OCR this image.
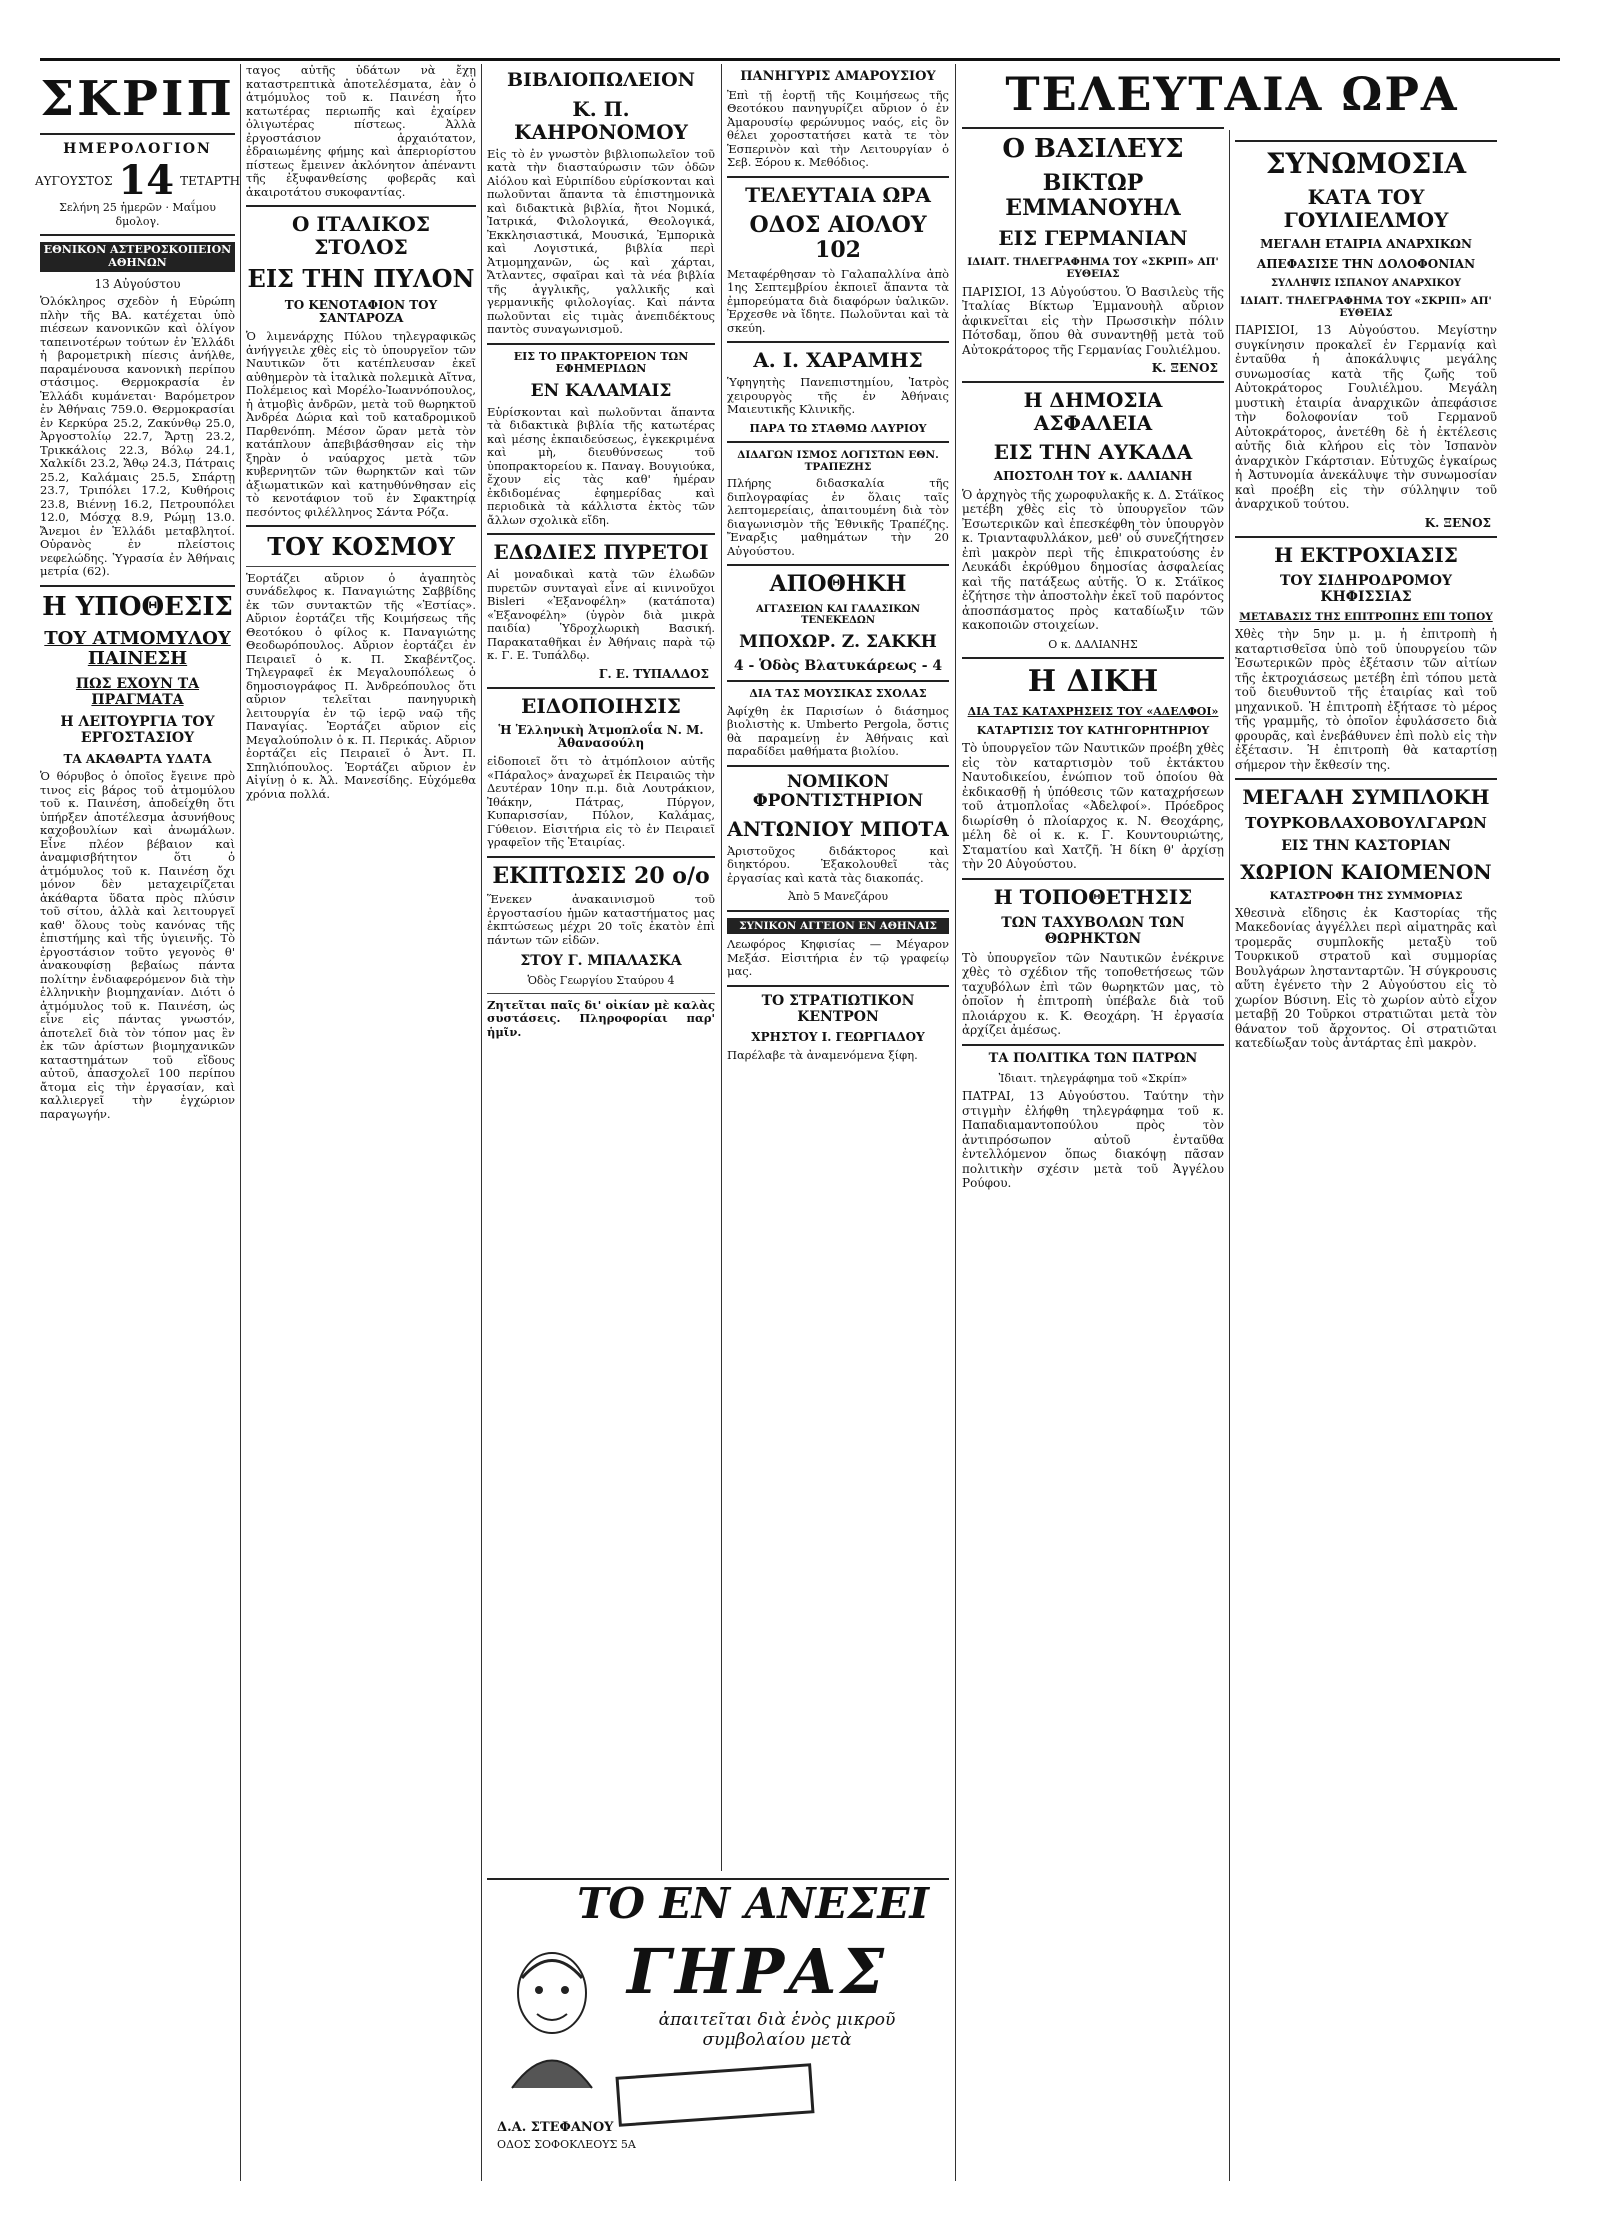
ΣΚΡΙΠ
ΗΜΕΡΟΛΟΓΙΟΝ
ΑΥΓΟΥΣΤΟΣ 14 ΤΕΤΑΡΤΗ
Σελήνη 25 ἡμερῶν · Μαΐμου δμολογ.
ΕΘΝΙΚΟΝ ΑΣΤΕΡΟΣΚΟΠΕΙΟΝ ΑΘΗΝΩΝ
13 Αὐγούστου

Ὁλόκληρος σχεδὸν ἡ Εὐρώπη πλὴν τῆς ΒΑ. κατέχεται ὑπὸ πιέσεων κανονικῶν καὶ ὀλίγον ταπεινοτέρων τούτων ἐν Ἑλλάδι ἡ βαρομετρικὴ πίεσις ἀνήλθε, παραμένουσα κανονικὴ περίπου στάσιμος. Θερμοκρασία ἐν Ἑλλάδι κυμάνεται· Βαρόμετρον ἐν Ἀθήναις 759.0. Θερμοκρασίαι ἐν Κερκύρα 25.2, Ζακύνθῳ 25.0, Ἀργοστολίῳ 22.7, Ἄρτῃ 23.2, Τρικκάλοις 22.3, Βόλῳ 24.1, Χαλκίδι 23.2, Ἄθῳ 24.3, Πάτραις 25.2, Καλάμαις 25.5, Σπάρτῃ 23.7, Τριπόλει 17.2, Κυθήροις 23.8, Βιέννῃ 16.2, Πετρουπόλει 12.0, Μόσχᾳ 8.9, Ρώμῃ 13.0. Ἄνεμοι ἐν Ἑλλάδι μεταβλητοί. Οὐρανὸς ἐν πλείστοις νεφελώδης. Ὑγρασία ἐν Ἀθήναις μετρία (62).

Η ΥΠΟΘΕΣΙΣ
ΤΟΥ ΑΤΜΟΜΥΛΟΥ ΠΑΙΝΕΣΗ
ΠΩΣ ΕΧΟΥΝ ΤΑ ΠΡΑΓΜΑΤΑ
Η ΛΕΙΤΟΥΡΓΙΑ ΤΟΥ ΕΡΓΟΣΤΑΣΙΟΥ
ΤΑ ΑΚΑΘΑΡΤΑ ΥΔΑΤΑ

Ὁ θόρυβος ὁ ὁποῖος ἔγεινε πρὸ τινος εἰς βάρος τοῦ ἀτμομύλου τοῦ κ. Παινέση, ἀποδείχθη ὅτι ὑπήρξεν ἀποτέλεσμα ἀσυνήθους καχοβουλίων καὶ ἀνωμάλων. Εἶνε πλέον βέβαιον καὶ ἀναμφισβήτητον ὅτι ὁ ἀτμόμυλος τοῦ κ. Παινέση ὄχι μόνον δὲν μεταχειρίζεται ἀκάθαρτα ὕδατα πρὸς πλύσιν τοῦ σίτου, ἀλλὰ καὶ λειτουργεῖ καθ' ὅλους τοὺς κανόνας τῆς ἐπιστήμης καὶ τῆς ὑγιεινῆς. Τὸ ἐργοστάσιον τοῦτο γεγονὸς θ' ἀνακουφίσῃ βεβαίως πάντα πολίτην ἐνδιαφερόμενον διὰ τὴν ἑλληνικὴν βιομηχανίαν. Διότι ὁ ἀτμόμυλος τοῦ κ. Παινέση, ὡς εἶνε εἰς πάντας γνωστόν, ἀποτελεῖ διὰ τὸν τόπον μας ἓν ἐκ τῶν ἀρίστων βιομηχανικῶν καταστημάτων τοῦ εἴδους αὐτοῦ, ἀπασχολεῖ 100 περίπου ἄτομα εἰς τὴν ἐργασίαν, καὶ καλλιεργεῖ τὴν ἐγχώριον παραγωγήν.

ταγος αὐτῆς ὑδάτων νὰ ἔχῃ καταστρεπτικὰ ἀποτελέσματα, ἐὰν ὁ ἀτμόμυλος τοῦ κ. Παινέση ἦτο κατωτέρας περιωπῆς καὶ ἐχαίρεν ὀλιγωτέρας πίστεως. Ἀλλὰ ἐργοστάσιον ἀρχαιότατον, ἐδραιωμένης φήμης καὶ ἀπεριορίστου πίστεως ἔμεινεν ἀκλόνητον ἀπέναντι τῆς ἐξυφανθείσης φοβερᾶς καὶ ἀκαιροτάτου συκοφαντίας.

Ο ΙΤΑΛΙΚΟΣ ΣΤΟΛΟΣ
ΕΙΣ ΤΗΝ ΠΥΛΟΝ
ΤΟ ΚΕΝΟΤΑΦΙΟΝ ΤΟΥ ΣΑΝΤΑΡΟΖΑ

Ὁ λιμενάρχης Πύλου τηλεγραφικῶς ἀνήγγειλε χθὲς εἰς τὸ ὑπουργεῖον τῶν Ναυτικῶν ὅτι κατέπλευσαν ἐκεῖ αὐθημερὸν τὰ ἰταλικὰ πολεμικὰ Αἴτνα, Πολέμειος καὶ Μορέλο-Ἰωαννόπουλος, ἡ ἀτμοβὶς ἀνδρῶν, μετὰ τοῦ θωρηκτοῦ Ἀνδρέα Δώρια καὶ τοῦ καταδρομικοῦ Παρθενόπη. Μέσον ὥραν μετὰ τὸν κατάπλουν ἀπεβιβάσθησαν εἰς τὴν ξηρὰν ὁ ναύαρχος μετὰ τῶν κυβερνητῶν τῶν θωρηκτῶν καὶ τῶν ἀξιωματικῶν καὶ κατηυθύνθησαν εἰς τὸ κενοτάφιον τοῦ ἐν Σφακτηρίᾳ πεσόντος φιλέλληνος Σάντα Ρόζα.

ΤΟΥ ΚΟΣΜΟΥ

Ἑορτάζει αὔριον ὁ ἀγαπητὸς συνάδελφος κ. Παναγιώτης Σαββίδης ἐκ τῶν συντακτῶν τῆς «Ἑστίας». Αὔριον ἑορτάζει τῆς Κοιμήσεως τῆς Θεοτόκου ὁ φίλος κ. Παναγιώτης Θεοδωρόπουλος. Αὔριον ἑορτάζει ἐν Πειραιεῖ ὁ κ. Π. Σκαβέντζος. Τηλεγραφεῖ ἐκ Μεγαλουπόλεως ὁ δημοσιογράφος Π. Ἀνδρεόπουλος ὅτι αὔριον τελεῖται πανηγυρικὴ λειτουργία ἐν τῷ ἱερῷ ναῷ τῆς Παναγίας. Ἑορτάζει αὔριον εἰς Μεγαλούπολιν ὁ κ. Π. Περικάς. Αὔριον ἑορτάζει εἰς Πειραιεῖ ὁ Ἀντ. Π. Σπηλιόπουλος. Ἑορτάζει αὔριον ἐν Αἰγίνῃ ὁ κ. Ἀλ. Μανεσίδης. Εὐχόμεθα χρόνια πολλά.

ΒΙΒΛΙΟΠΩΛΕΙΟΝ
Κ. Π. ΚΑΗΡΟΝΟΜΟΥ

Εἰς τὸ ἐν γνωστὸν βιβλιοπωλεῖον τοῦ κατὰ τὴν διασταύρωσιν τῶν ὁδῶν Αἰόλου καὶ Εὐριπίδου εὑρίσκονται καὶ πωλοῦνται ἅπαντα τὰ ἐπιστημονικὰ καὶ διδακτικὰ βιβλία, ἤτοι Νομικά, Ἰατρικά, Φιλολογικά, Θεολογικά, Ἐκκλησιαστικά, Μουσικά, Ἐμπορικὰ καὶ Λογιστικά, βιβλία περὶ Ἀτμομηχανῶν, ὡς καὶ χάρται, Ἄτλαντες, σφαῖραι καὶ τὰ νέα βιβλία τῆς ἀγγλικῆς, γαλλικῆς καὶ γερμανικῆς φιλολογίας. Καὶ πάντα πωλοῦνται εἰς τιμὰς ἀνεπιδέκτους παντὸς συναγωνισμοῦ.

ΕΙΣ ΤΟ ΠΡΑΚΤΟΡΕΙΟΝ ΤΩΝ ΕΦΗΜΕΡΙΔΩΝ
ΕΝ ΚΑΛΑΜΑΙΣ

Εὑρίσκονται καὶ πωλοῦνται ἅπαντα τὰ διδακτικὰ βιβλία τῆς κατωτέρας καὶ μέσης ἐκπαιδεύσεως, ἐγκεκριμένα καὶ μὴ, διευθύνσεως τοῦ ὑποπρακτορείου κ. Παναγ. Βουγιούκα, ἔχουν εἰς τὰς καθ' ἡμέραν ἐκδιδομένας ἐφημερίδας καὶ περιοδικὰ τὰ κάλλιστα ἐκτὸς τῶν ἄλλων σχολικὰ εἴδη.

ΕΔΩΔΙΕΣ ΠΥΡΕΤΟΙ

Αἱ μοναδικαὶ κατὰ τῶν ἑλωδῶν πυρετῶν συνταγαὶ εἶνε αἱ κινινοῦχοι Bisleri «Ἐξανοφέλη» (κατάποτα) «Ἐξανοφέλη» (ὑγρὸν διὰ μικρὰ παιδία) Ὑδροχλωρικὴ Βασική. Παρακαταθῆκαι ἐν Ἀθήναις παρὰ τῷ κ. Γ. Ε. Τυπάλδῳ.

Γ. Ε. ΤΥΠΑΛΔΟΣ
ΕΙΔΟΠΟΙΗΣΙΣ
Ἡ Ἑλληνικὴ Ἀτμοπλοΐα Ν. Μ. Ἀθανασούλη

εἰδοποιεῖ ὅτι τὸ ἀτμόπλοιον αὐτῆς «Πάραλος» ἀναχωρεῖ ἐκ Πειραιῶς τὴν Δευτέραν 10ην π.μ. διὰ Λουτράκιον, Ἰθάκην, Πάτρας, Πύργον, Κυπαρισσίαν, Πύλον, Καλάμας, Γύθειον. Εἰσιτήρια εἰς τὸ ἐν Πειραιεῖ γραφεῖον τῆς Ἑταιρίας.

ΕΚΠΤΩΣΙΣ 20 ο/ο

Ἕνεκεν ἀνακαινισμοῦ τοῦ ἐργοστασίου ἡμῶν καταστήματος μας ἐκπτώσεως μέχρι 20 τοῖς ἑκατὸν ἐπὶ πάντων τῶν εἰδῶν.

ΣΤΟΥ Γ. ΜΠΑΛΑΣΚΑ
Ὁδὸς Γεωργίου Σταύρου 4

Ζητεῖται παῖς δι' οἰκίαν μὲ καλὰς συστάσεις. Πληροφορίαι παρ' ἡμῖν.

ΠΑΝΗΓΥΡΙΣ ΑΜΑΡΟΥΣΙΟΥ

Ἐπὶ τῇ ἑορτῇ τῆς Κοιμήσεως τῆς Θεοτόκου πανηγυρίζει αὔριον ὁ ἐν Ἀμαρουσίῳ φερώνυμος ναός, εἰς ὃν θέλει χοροστατήσει κατὰ τε τὸν Ἑσπερινὸν καὶ τὴν Λειτουργίαν ὁ Σεβ. Ξόρου κ. Μεθόδιος.

ΤΕΛΕΥΤΑΙΑ ΩΡΑ
ΟΔΟΣ ΑΙΟΛΟΥ 102

Μεταφέρθησαν τὸ Γαλαπαλλίνα ἀπὸ 1ης Σεπτεμβρίου ἐκποιεῖ ἅπαντα τὰ ἐμπορεύματα διὰ διαφόρων ὑαλικῶν. Ἐρχεσθε νὰ ἴδητε. Πωλοῦνται καὶ τὰ σκεύη.

Α. Ι. ΧΑΡΑΜΗΣ

Ὑφηγητὴς Πανεπιστημίου, Ἰατρὸς χειρουργὸς τῆς ἐν Ἀθήναις Μαιευτικῆς Κλινικῆς.

ΠΑΡΑ ΤΩ ΣΤΑΘΜΩ ΛΑΥΡΙΟΥ
ΔΙΔΑΓΩΝ ΙΣΜΟΣ ΛΟΓΙΣΤΩΝ ΕΘΝ. ΤΡΑΠΕΖΗΣ

Πλήρης διδασκαλία τῆς διπλογραφίας ἐν ὅλαις ταῖς λεπτομερείαις, ἀπαιτουμένη διὰ τὸν διαγωνισμὸν τῆς Ἐθνικῆς Τραπέζης. Ἔναρξις μαθημάτων τὴν 20 Αὐγούστου.

ΑΠΟΘΗΚΗ
ΑΓΓΑΣΕΙΩΝ ΚΑΙ ΓΑΛΑΣΙΚΩΝ ΤΕΝΕΚΕΔΩΝ
ΜΠΟΧΩΡ. Ζ. ΣΑΚΚΗ
4 - Ὁδὸς Βλατυκάρεως - 4
ΔΙΑ ΤΑΣ ΜΟΥΣΙΚΑΣ ΣΧΟΛΑΣ

Ἀφίχθη ἐκ Παρισίων ὁ διάσημος βιολιστὴς κ. Umberto Pergola, ὅστις θὰ παραμείνῃ ἐν Ἀθήναις καὶ παραδίδει μαθήματα βιολίου.

ΝΟΜΙΚΟΝ ΦΡΟΝΤΙΣΤΗΡΙΟΝ
ΑΝΤΩΝΙΟΥ ΜΠΟΤΑ

Ἀριστοῦχος διδάκτορος καὶ διηκτόρου. Ἐξακολουθεῖ τὰς ἐργασίας καὶ κατὰ τὰς διακοπάς.

Ἀπὸ 5 Μανεζάρου
ΣΥΝΙΚΟΝ ΑΓΓΕΙΟΝ ΕΝ ΑΘΗΝΑΙΣ

Λεωφόρος Κηφισίας — Μέγαρον Μεξάσ. Εἰσιτήρια ἐν τῷ γραφείῳ μας.

ΤΟ ΣΤΡΑΤΙΩΤΙΚΟΝ ΚΕΝΤΡΟΝ
ΧΡΗΣΤΟΥ Ι. ΓΕΩΡΓΙΑΔΟΥ

Παρέλαβε τὰ ἀναμενόμενα ξίφη.

ΤΟ ΕΝ ΑΝΕΣΕΙ
ΓΗΡΑΣ
ἀπαιτεῖται διὰ ἑνὸς μικροῦ συμβολαίου μετὰ
Δ.Α. ΣΤΕΦΑΝΟΥ
ΟΔΟΣ ΣΟΦΟΚΛΕΟΥΣ 5Α
ΤΕΛΕΥΤΑΙΑ ΩΡΑ
Ο ΒΑΣΙΛΕΥΣ
ΒΙΚΤΩΡ ΕΜΜΑΝΟΥΗΛ
ΕΙΣ ΓΕΡΜΑΝΙΑΝ
ΙΔΙΑΙΤ. ΤΗΛΕΓΡΑΦΗΜΑ ΤΟΥ «ΣΚΡΙΠ» ΑΠ' ΕΥΘΕΙΑΣ

ΠΑΡΙΣΙΟΙ, 13 Αὐγούστου. Ὁ Βασιλεὺς τῆς Ἰταλίας Βίκτωρ Ἐμμανουὴλ αὔριον ἀφικνεῖται εἰς τὴν Πρωσσικὴν πόλιν Πότσδαμ, ὅπου θὰ συναντηθῇ μετὰ τοῦ Αὐτοκράτορος τῆς Γερμανίας Γουλιέλμου.

Κ. ΞΕΝΟΣ
Η ΔΗΜΟΣΙΑ ΑΣΦΑΛΕΙΑ
ΕΙΣ ΤΗΝ ΑΥΚΑΔΑ
ΑΠΟΣΤΟΛΗ ΤΟΥ κ. ΔΑΛΙΑΝΗ

Ὁ ἀρχηγὸς τῆς χωροφυλακῆς κ. Δ. Στάϊκος μετέβη χθὲς εἰς τὸ ὑπουργεῖον τῶν Ἐσωτερικῶν καὶ ἐπεσκέφθη τὸν ὑπουργὸν κ. Τριανταφυλλάκον, μεθ' οὗ συνεζήτησεν ἐπὶ μακρὸν περὶ τῆς ἐπικρατούσης ἐν Λευκάδι ἐκρύθμου δημοσίας ἀσφαλείας καὶ τῆς πατάξεως αὐτῆς. Ὁ κ. Στάϊκος ἐζήτησε τὴν ἀποστολὴν ἐκεῖ τοῦ παρόντος ἀποσπάσματος πρὸς καταδίωξιν τῶν κακοποιῶν στοιχείων.

Ο κ. ΔΑΛΙΑΝΗΣ
Η ΔΙΚΗ
ΔΙΑ ΤΑΣ ΚΑΤΑΧΡΗΣΕΙΣ ΤΟΥ «ΑΔΕΛΦΟΙ»
ΚΑΤΑΡΤΙΣΙΣ ΤΟΥ ΚΑΤΗΓΟΡΗΤΗΡΙΟΥ

Τὸ ὑπουργεῖον τῶν Ναυτικῶν προέβη χθὲς εἰς τὸν καταρτισμὸν τοῦ ἐκτάκτου Ναυτοδικείου, ἐνώπιον τοῦ ὁποίου θὰ ἐκδικασθῇ ἡ ὑπόθεσις τῶν καταχρήσεων τοῦ ἀτμοπλοΐας «Ἀδελφοί». Πρόεδρος διωρίσθη ὁ πλοίαρχος κ. Ν. Θεοχάρης, μέλη δὲ οἱ κ. κ. Γ. Κουντουριώτης, Σταματίου καὶ Χατζῆ. Ἡ δίκη θ' ἀρχίσῃ τὴν 20 Αὐγούστου.

Η ΤΟΠΟΘΕΤΗΣΙΣ
ΤΩΝ ΤΑΧΥΒΟΛΩΝ ΤΩΝ ΘΩΡΗΚΤΩΝ

Τὸ ὑπουργεῖον τῶν Ναυτικῶν ἐνέκρινε χθὲς τὸ σχέδιον τῆς τοποθετήσεως τῶν ταχυβόλων ἐπὶ τῶν θωρηκτῶν μας, τὸ ὁποῖον ἡ ἐπιτροπὴ ὑπέβαλε διὰ τοῦ πλοιάρχου κ. Κ. Θεοχάρη. Ἡ ἐργασία ἀρχίζει ἀμέσως.

ΤΑ ΠΟΛΙΤΙΚΑ ΤΩΝ ΠΑΤΡΩΝ
Ἰδιαιτ. τηλεγράφημα τοῦ «Σκρίπ»

ΠΑΤΡΑΙ, 13 Αὐγούστου. Ταύτην τὴν στιγμὴν ἐλήφθη τηλεγράφημα τοῦ κ. Παπαδιαμαντοπούλου πρὸς τὸν ἀντιπρόσωπον αὐτοῦ ἐνταῦθα ἐντελλόμενον ὅπως διακόψῃ πᾶσαν πολιτικὴν σχέσιν μετὰ τοῦ Ἀγγέλου Ρούφου.

ΣΥΝΩΜΟΣΙΑ
ΚΑΤΑ ΤΟΥ ΓΟΥΙΛΙΕΛΜΟΥ
ΜΕΓΑΛΗ ΕΤΑΙΡΙΑ ΑΝΑΡΧΙΚΩΝ
ΑΠΕΦΑΣΙΣΕ ΤΗΝ ΔΟΛΟΦΟΝΙΑΝ
ΣΥΛΛΗΨΙΣ ΙΣΠΑΝΟΥ ΑΝΑΡΧΙΚΟΥ
ΙΔΙΑΙΤ. ΤΗΛΕΓΡΑΦΗΜΑ ΤΟΥ «ΣΚΡΙΠ» ΑΠ' ΕΥΘΕΙΑΣ

ΠΑΡΙΣΙΟΙ, 13 Αὐγούστου. Μεγίστην συγκίνησιν προκαλεῖ ἐν Γερμανίᾳ καὶ ἐνταῦθα ἡ ἀποκάλυψις μεγάλης συνωμοσίας κατὰ τῆς ζωῆς τοῦ Αὐτοκράτορος Γουλιέλμου. Μεγάλη μυστικὴ ἑταιρία ἀναρχικῶν ἀπεφάσισε τὴν δολοφονίαν τοῦ Γερμανοῦ Αὐτοκράτορος, ἀνετέθη δὲ ἡ ἐκτέλεσις αὐτῆς διὰ κλήρου εἰς τὸν Ἰσπανὸν ἀναρχικὸν Γκάρτσιαν. Εὐτυχῶς ἐγκαίρως ἡ Ἀστυνομία ἀνεκάλυψε τὴν συνωμοσίαν καὶ προέβη εἰς τὴν σύλληψιν τοῦ ἀναρχικοῦ τούτου.

Κ. ΞΕΝΟΣ
Η ΕΚΤΡΟΧΙΑΣΙΣ
ΤΟΥ ΣΙΔΗΡΟΔΡΟΜΟΥ ΚΗΦΙΣΣΙΑΣ
ΜΕΤΑΒΑΣΙΣ ΤΗΣ ΕΠΙΤΡΟΠΗΣ ΕΠΙ ΤΟΠΟΥ

Χθὲς τὴν 5ην μ. μ. ἡ ἐπιτροπὴ ἡ καταρτισθεῖσα ὑπὸ τοῦ ὑπουργείου τῶν Ἐσωτερικῶν πρὸς ἐξέτασιν τῶν αἰτίων τῆς ἐκτροχιάσεως μετέβη ἐπὶ τόπου μετὰ τοῦ διευθυντοῦ τῆς ἑταιρίας καὶ τοῦ μηχανικοῦ. Ἡ ἐπιτροπὴ ἐξήτασε τὸ μέρος τῆς γραμμῆς, τὸ ὁποῖον ἐφυλάσσετο διὰ φρουρᾶς, καὶ ἐνεβάθυνεν ἐπὶ πολὺ εἰς τὴν ἐξέτασιν. Ἡ ἐπιτροπὴ θὰ καταρτίσῃ σήμερον τὴν ἔκθεσίν της.

ΜΕΓΑΛΗ ΣΥΜΠΛΟΚΗ
ΤΟΥΡΚΟΒΛΑΧΟΒΟΥΛΓΑΡΩΝ
ΕΙΣ ΤΗΝ ΚΑΣΤΟΡΙΑΝ
ΧΩΡΙΟΝ ΚΑΙΟΜΕΝΟΝ
ΚΑΤΑΣΤΡΟΦΗ ΤΗΣ ΣΥΜΜΟΡΙΑΣ

Χθεσινὰ εἴδησις ἐκ Καστορίας τῆς Μακεδονίας ἀγγέλλει περὶ αἱματηρᾶς καὶ τρομερᾶς συμπλοκῆς μεταξὺ τοῦ Τουρκικοῦ στρατοῦ καὶ συμμορίας Βουλγάρων ληστανταρτῶν. Ἡ σύγκρουσις αὕτη ἐγένετο τὴν 2 Αὐγούστου εἰς τὸ χωρίον Βύσινη. Εἰς τὸ χωρίον αὐτὸ εἶχον μεταβῇ 20 Τοῦρκοι στρατιῶται μετὰ τὸν θάνατον τοῦ ἄρχοντος. Οἱ στρατιῶται κατεδίωξαν τοὺς ἀντάρτας ἐπὶ μακρὸν.
